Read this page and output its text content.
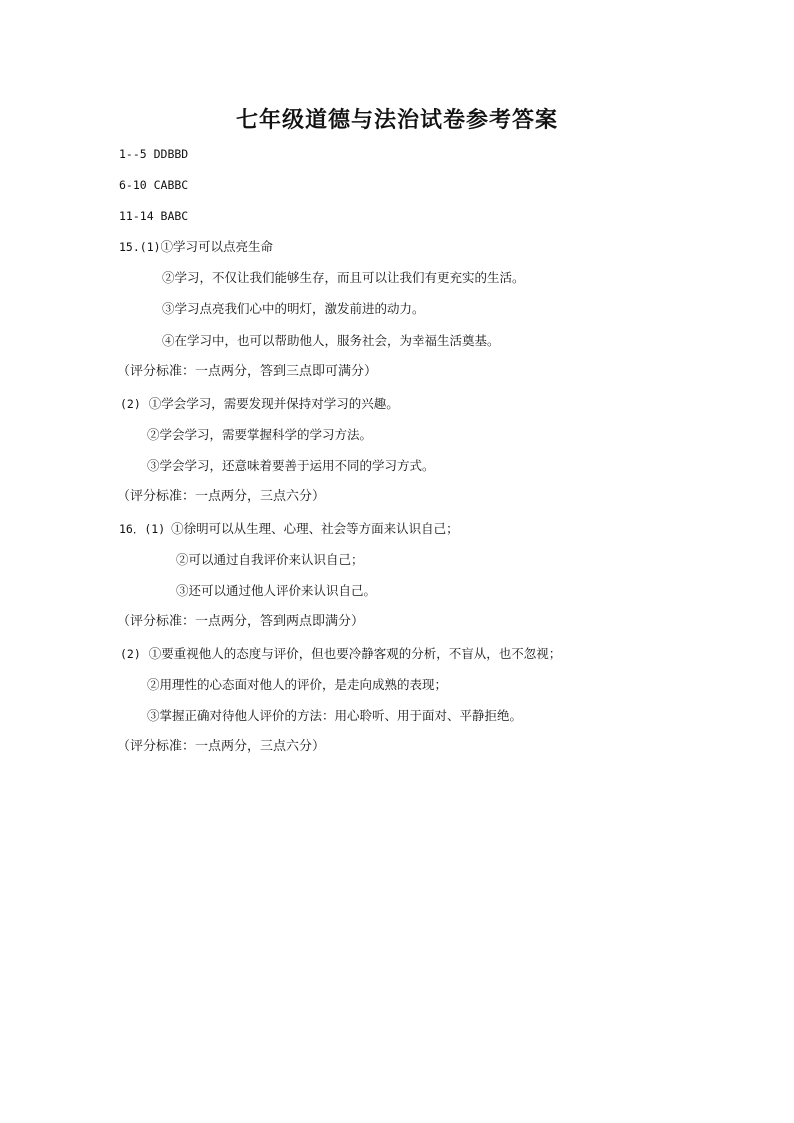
七年级道德与法治试卷参考答案
1--5 DDBBD
6-10 CABBC
11-14 BABC
15.(1)①学习可以点亮生命
②学习，不仅让我们能够生存，而且可以让我们有更充实的生活。
③学习点亮我们心中的明灯，激发前进的动力。
④在学习中，也可以帮助他人，服务社会，为幸福生活奠基。
（评分标准：一点两分，答到三点即可满分）
(2) ①学会学习，需要发现并保持对学习的兴趣。
②学会学习，需要掌握科学的学习方法。
③学会学习，还意味着要善于运用不同的学习方式。
（评分标准：一点两分，三点六分）
16．(1) ①徐明可以从生理、心理、社会等方面来认识自己；
②可以通过自我评价来认识自己；
③还可以通过他人评价来认识自己。
（评分标准：一点两分，答到两点即满分）
(2) ①要重视他人的态度与评价，但也要冷静客观的分析，不盲从，也不忽视；
②用理性的心态面对他人的评价，是走向成熟的表现；
③掌握正确对待他人评价的方法：用心聆听、用于面对、平静拒绝。
（评分标准：一点两分，三点六分）
